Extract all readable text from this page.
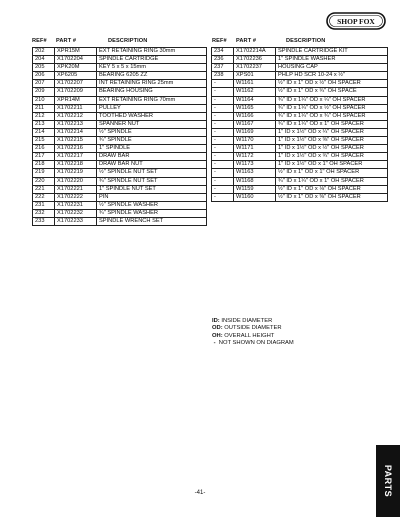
SHOP FOX
REF# PART #	DESCRIPTION	REF# PART #	DESCRIPTION
202	XPR15M	EXT RETAINING RING 30mm
204	X1702204	SPINDLE CARTRIDGE
205	XPK20M	KEY 5 x 5 x 15mm
206	XP6205	BEARING 6205 ZZ
207	X1702207	INT RETAINING RING 25mm
209	X1702209	BEARING HOUSING
210	XPR14M	EXT RETAINING RING 70mm
211	X1702211	PULLEY
212	X1702212	TOOTHED WASHER
213	X1702213	SPANNER NUT
214	X1702214	½" SPINDLE
215	X1702215	¾" SPINDLE
216	X1702216	1" SPINDLE
217	X1702217	DRAW BAR
218	X1702218	DRAW BAR NUT
219	X1702219	½" SPINDLE NUT SET
220	X1702220	¾" SPINDLE NUT SET
221	X1702221	1" SPINDLE NUT SET
222	X1702222	PIN
231	X1702231	½" SPINDLE WASHER
232	X1702232	¾" SPINDLE WASHER
233	X1702233	SPINDLE WRENCH SET
234	X1702214A	SPINDLE CARTRIDGE KIT
236	X1702236	1" SPINDLE WASHER
237	X1702237	HOUSING CAP
238	XPS01	PHLP HD SCR 10-24 x ½"
-	W1161	½" ID x 1" OD x ½" OH SPACER
-	W1162	½" ID x 1" OD x ¾" OH SPACE
-	W1164	¾" ID x 1¼" OD x ¼" OH SPACER
-	W1165	¾" ID x 1¼" OD x ½" OH SPACER
-	W1166	¾" ID x 1¼" OD x ¾" OH SPACER
-	W1167	¾" ID x 1¼" OD x 1" OH SPACER
-	W1169	1" ID x 1½" OD x ¼" OH SPACER
-	W1170	1" ID x 1½" OD x ⅜" OH SPACER
-	W1171	1" ID x 1½" OD x ½" OH SPACER
-	W1172	1" ID x 1½" OD x ¾" OH SPACER
-	W1173	1" ID x 1½" OD x 1" OH SPACER
-	W1163	½" ID x 1" OD x 1" OH SPACER
-	W1168	¾" ID x 1¼" OD x 1" OH SPACER
-	W1159	½" ID x 1" OD x ⅛" OH SPACER
-	W1160	½" ID x 1" OD x ⅜" OH SPACER
ID: INSIDE DIAMETER
OD: OUTSIDE DIAMETER
OH: OVERALL HEIGHT
- NOT SHOWN ON DIAGRAM
-41-	PARTS
